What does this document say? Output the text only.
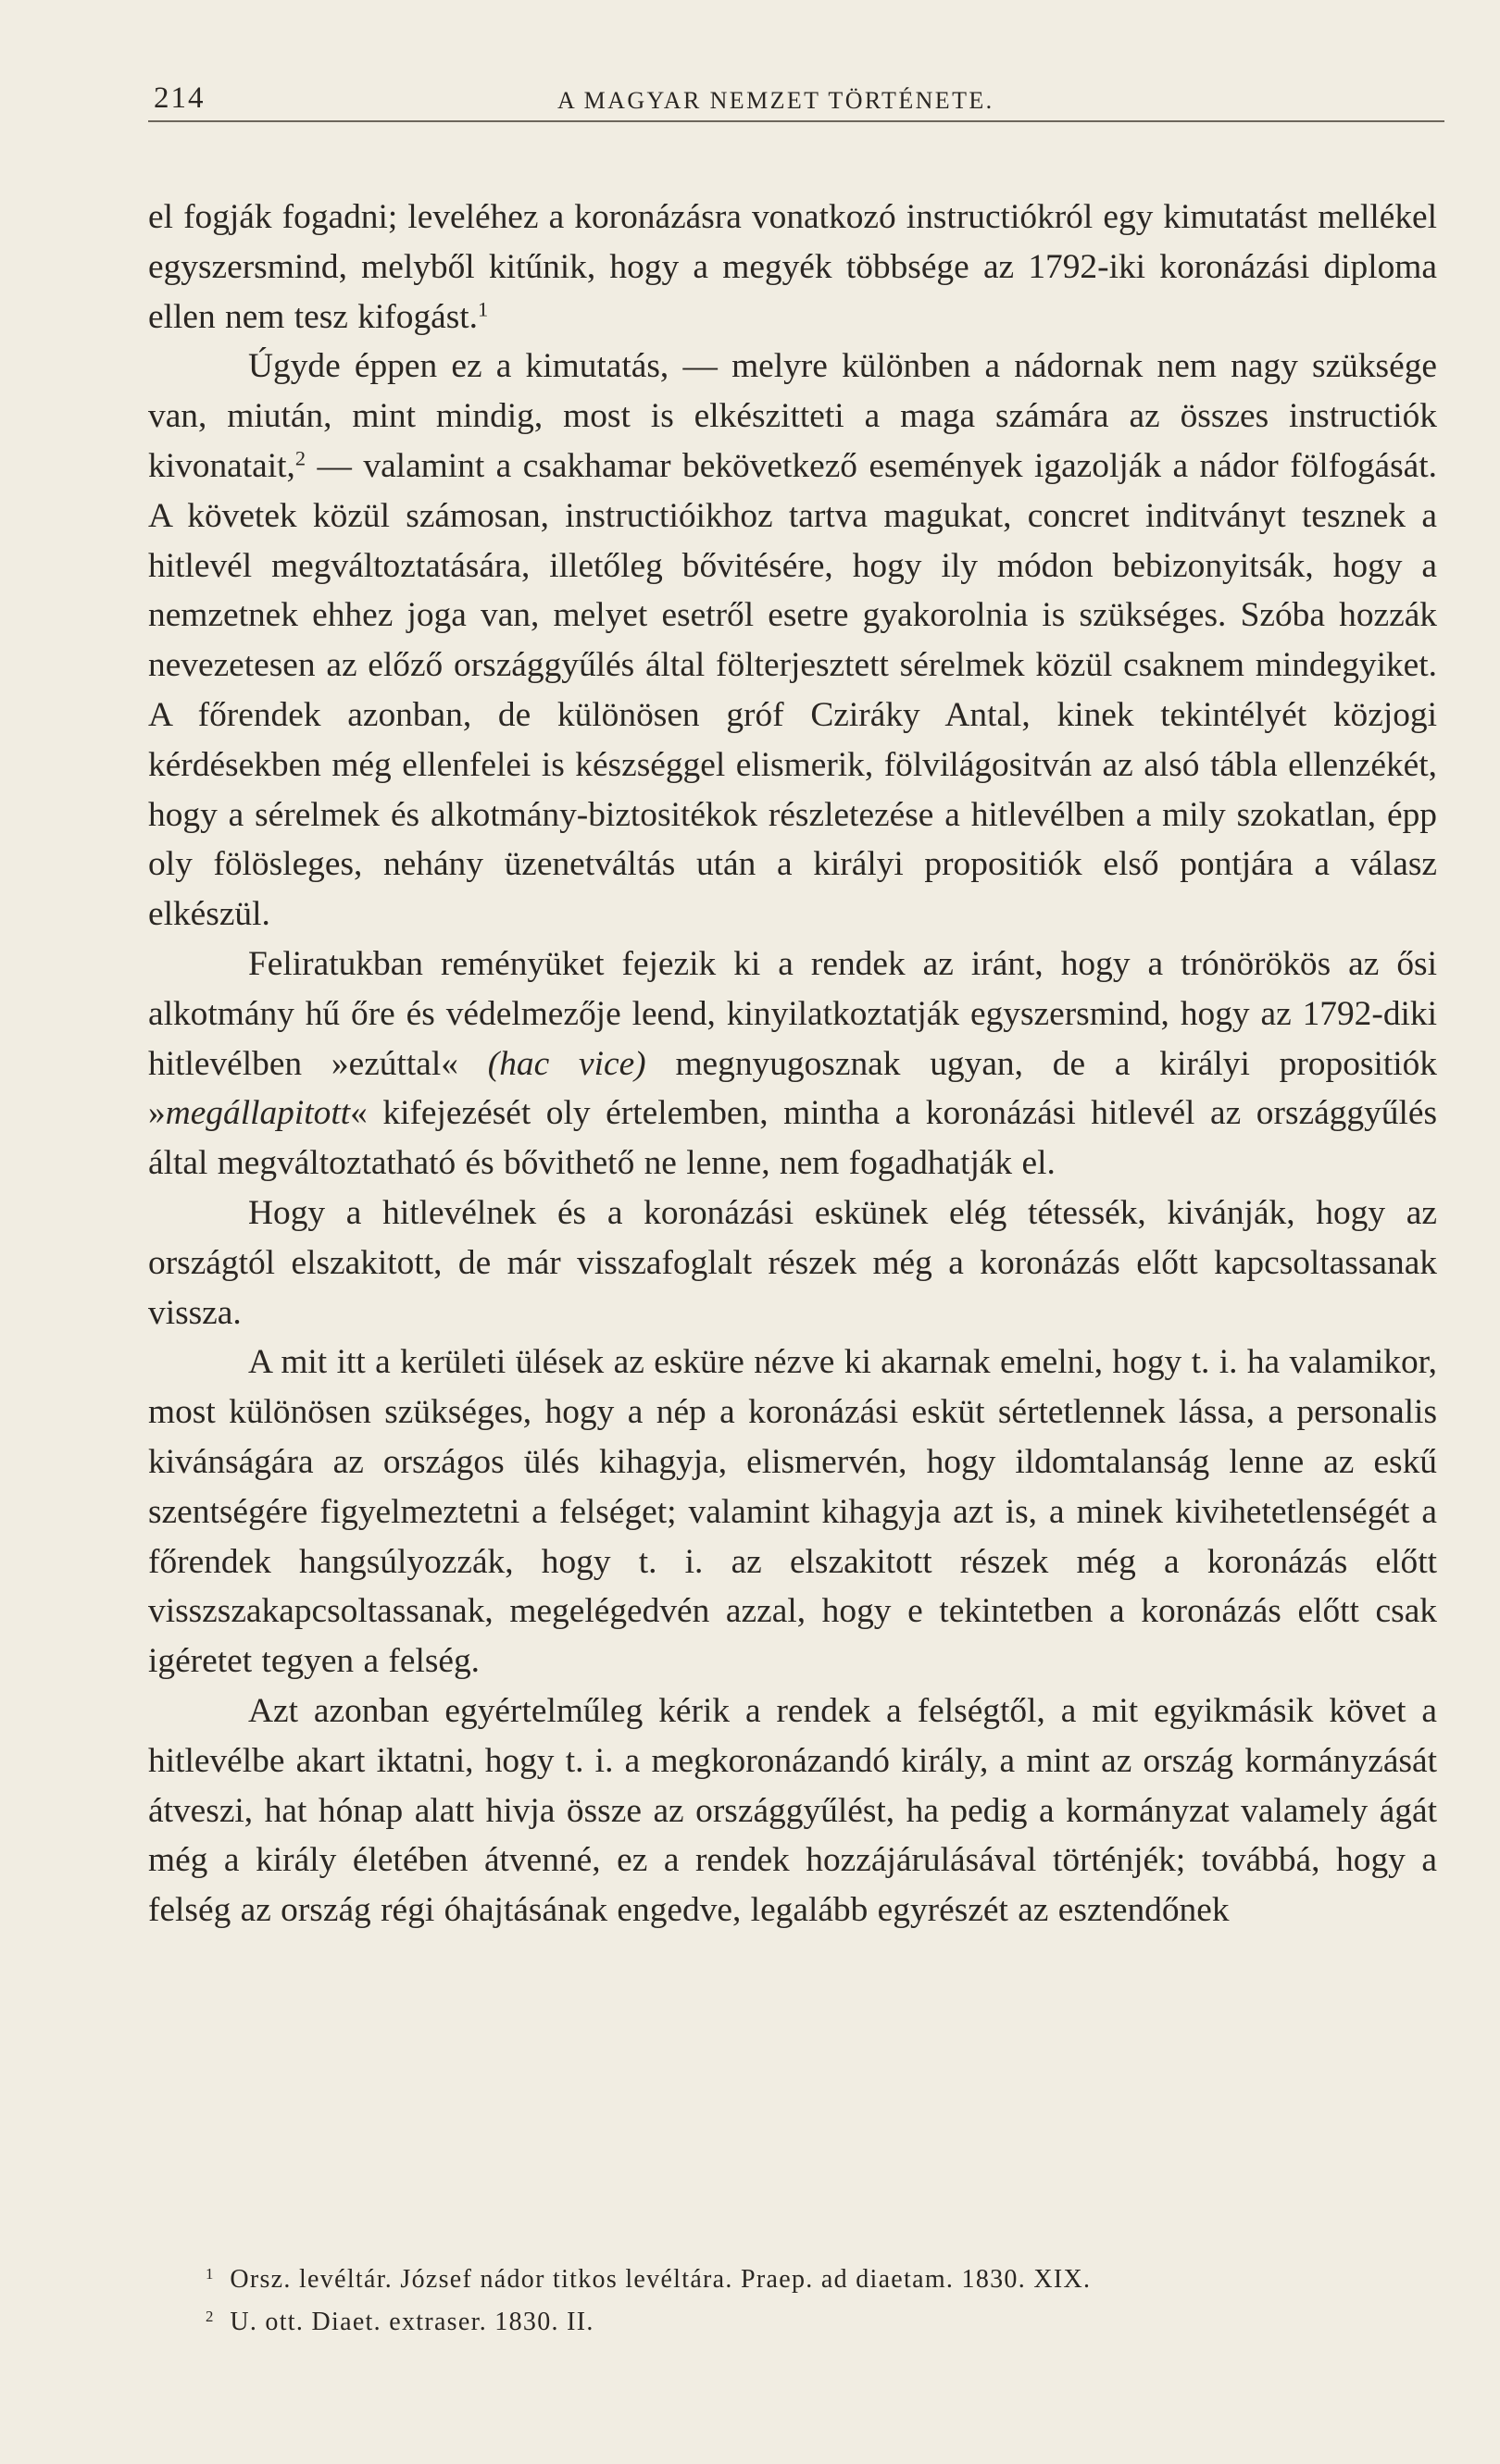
214	A MAGYAR NEMZET TÖRTÉNETE.

el fogják fogadni; leveléhez a koronázásra vonatkozó instructiókról egy kimutatást mellékel egyszersmind, melyből kitűnik, hogy a megyék többsége az 1792-iki koronázási diploma ellen nem tesz kifogást.$^1$

Úgyde éppen ez a kimutatás, — melyre különben a nádornak nem nagy szüksége van, miután, mint mindig, most is elkészitteti a maga számára az összes instructiók kivonatait,$^2$ — valamint a csakhamar bekövetkező események igazolják a nádor fölfogását. A követek közül számosan, instructióikhoz tartva magukat, concret inditványt tesznek a hitlevél megváltoztatására, illetőleg bővitésére, hogy ily módon bebizonyitsák, hogy a nemzetnek ehhez joga van, melyet esetről esetre gyakorolnia is szükséges. Szóba hozzák nevezetesen az előző országgyűlés által fölterjesztett sérelmek közül csaknem mindegyiket. A főrendek azonban, de különösen gróf Cziráky Antal, kinek tekintélyét közjogi kérdésekben még ellenfelei is készséggel elismerik, fölvilágositván az alsó tábla ellenzékét, hogy a sérelmek és alkotmány-biztositékok részletezése a hitlevélben a mily szokatlan, épp oly fölösleges, nehány üzenetváltás után a királyi propositiók első pontjára a válasz elkészül.

Feliratukban reményüket fejezik ki a rendek az iránt, hogy a trónörökös az ősi alkotmány hű őre és védelmezője leend, kinyilatkoztatják egyszersmind, hogy az 1792-diki hitlevélben »ezúttal« (hac vice) megnyugosznak ugyan, de a királyi propositiók »megállapitott« kifejezését oly értelemben, mintha a koronázási hitlevél az országgyűlés által megváltoztatható és bővithető ne lenne, nem fogadhatják el.

Hogy a hitlevélnek és a koronázási eskünek elég tétessék, kivánják, hogy az országtól elszakitott, de már visszafoglalt részek még a koronázás előtt kapcsoltassanak vissza.

A mit itt a kerületi ülések az esküre nézve ki akarnak emelni, hogy t. i. ha valamikor, most különösen szükséges, hogy a nép a koronázási esküt sértetlennek lássa, a personalis kivánságára az országos ülés kihagyja, elismervén, hogy ildomtalanság lenne az eskű szentségére figyelmeztetni a felséget; valamint kihagyja azt is, a minek kivihetetlenségét a főrendek hangsúlyozzák, hogy t. i. az elszakitott részek még a koronázás előtt visszszakapcsoltassanak, megelégedvén azzal, hogy e tekintetben a koronázás előtt csak igéretet tegyen a felség.

Azt azonban egyértelműleg kérik a rendek a felségtől, a mit egyikmásik követ a hitlevélbe akart iktatni, hogy t. i. a megkoronázandó király, a mint az ország kormányzását átveszi, hat hónap alatt hivja össze az országgyűlést, ha pedig a kormányzat valamely ágát még a király életében átvenné, ez a rendek hozzájárulásával történjék; továbbá, hogy a felség az ország régi óhajtásának engedve, legalább egyrészét az esztendőnek

$^1$ Orsz. levéltár. József nádor titkos levéltára. Praep. ad diaetam. 1830. XIX.

$^2$ U. ott. Diaet. extraser. 1830. II.
